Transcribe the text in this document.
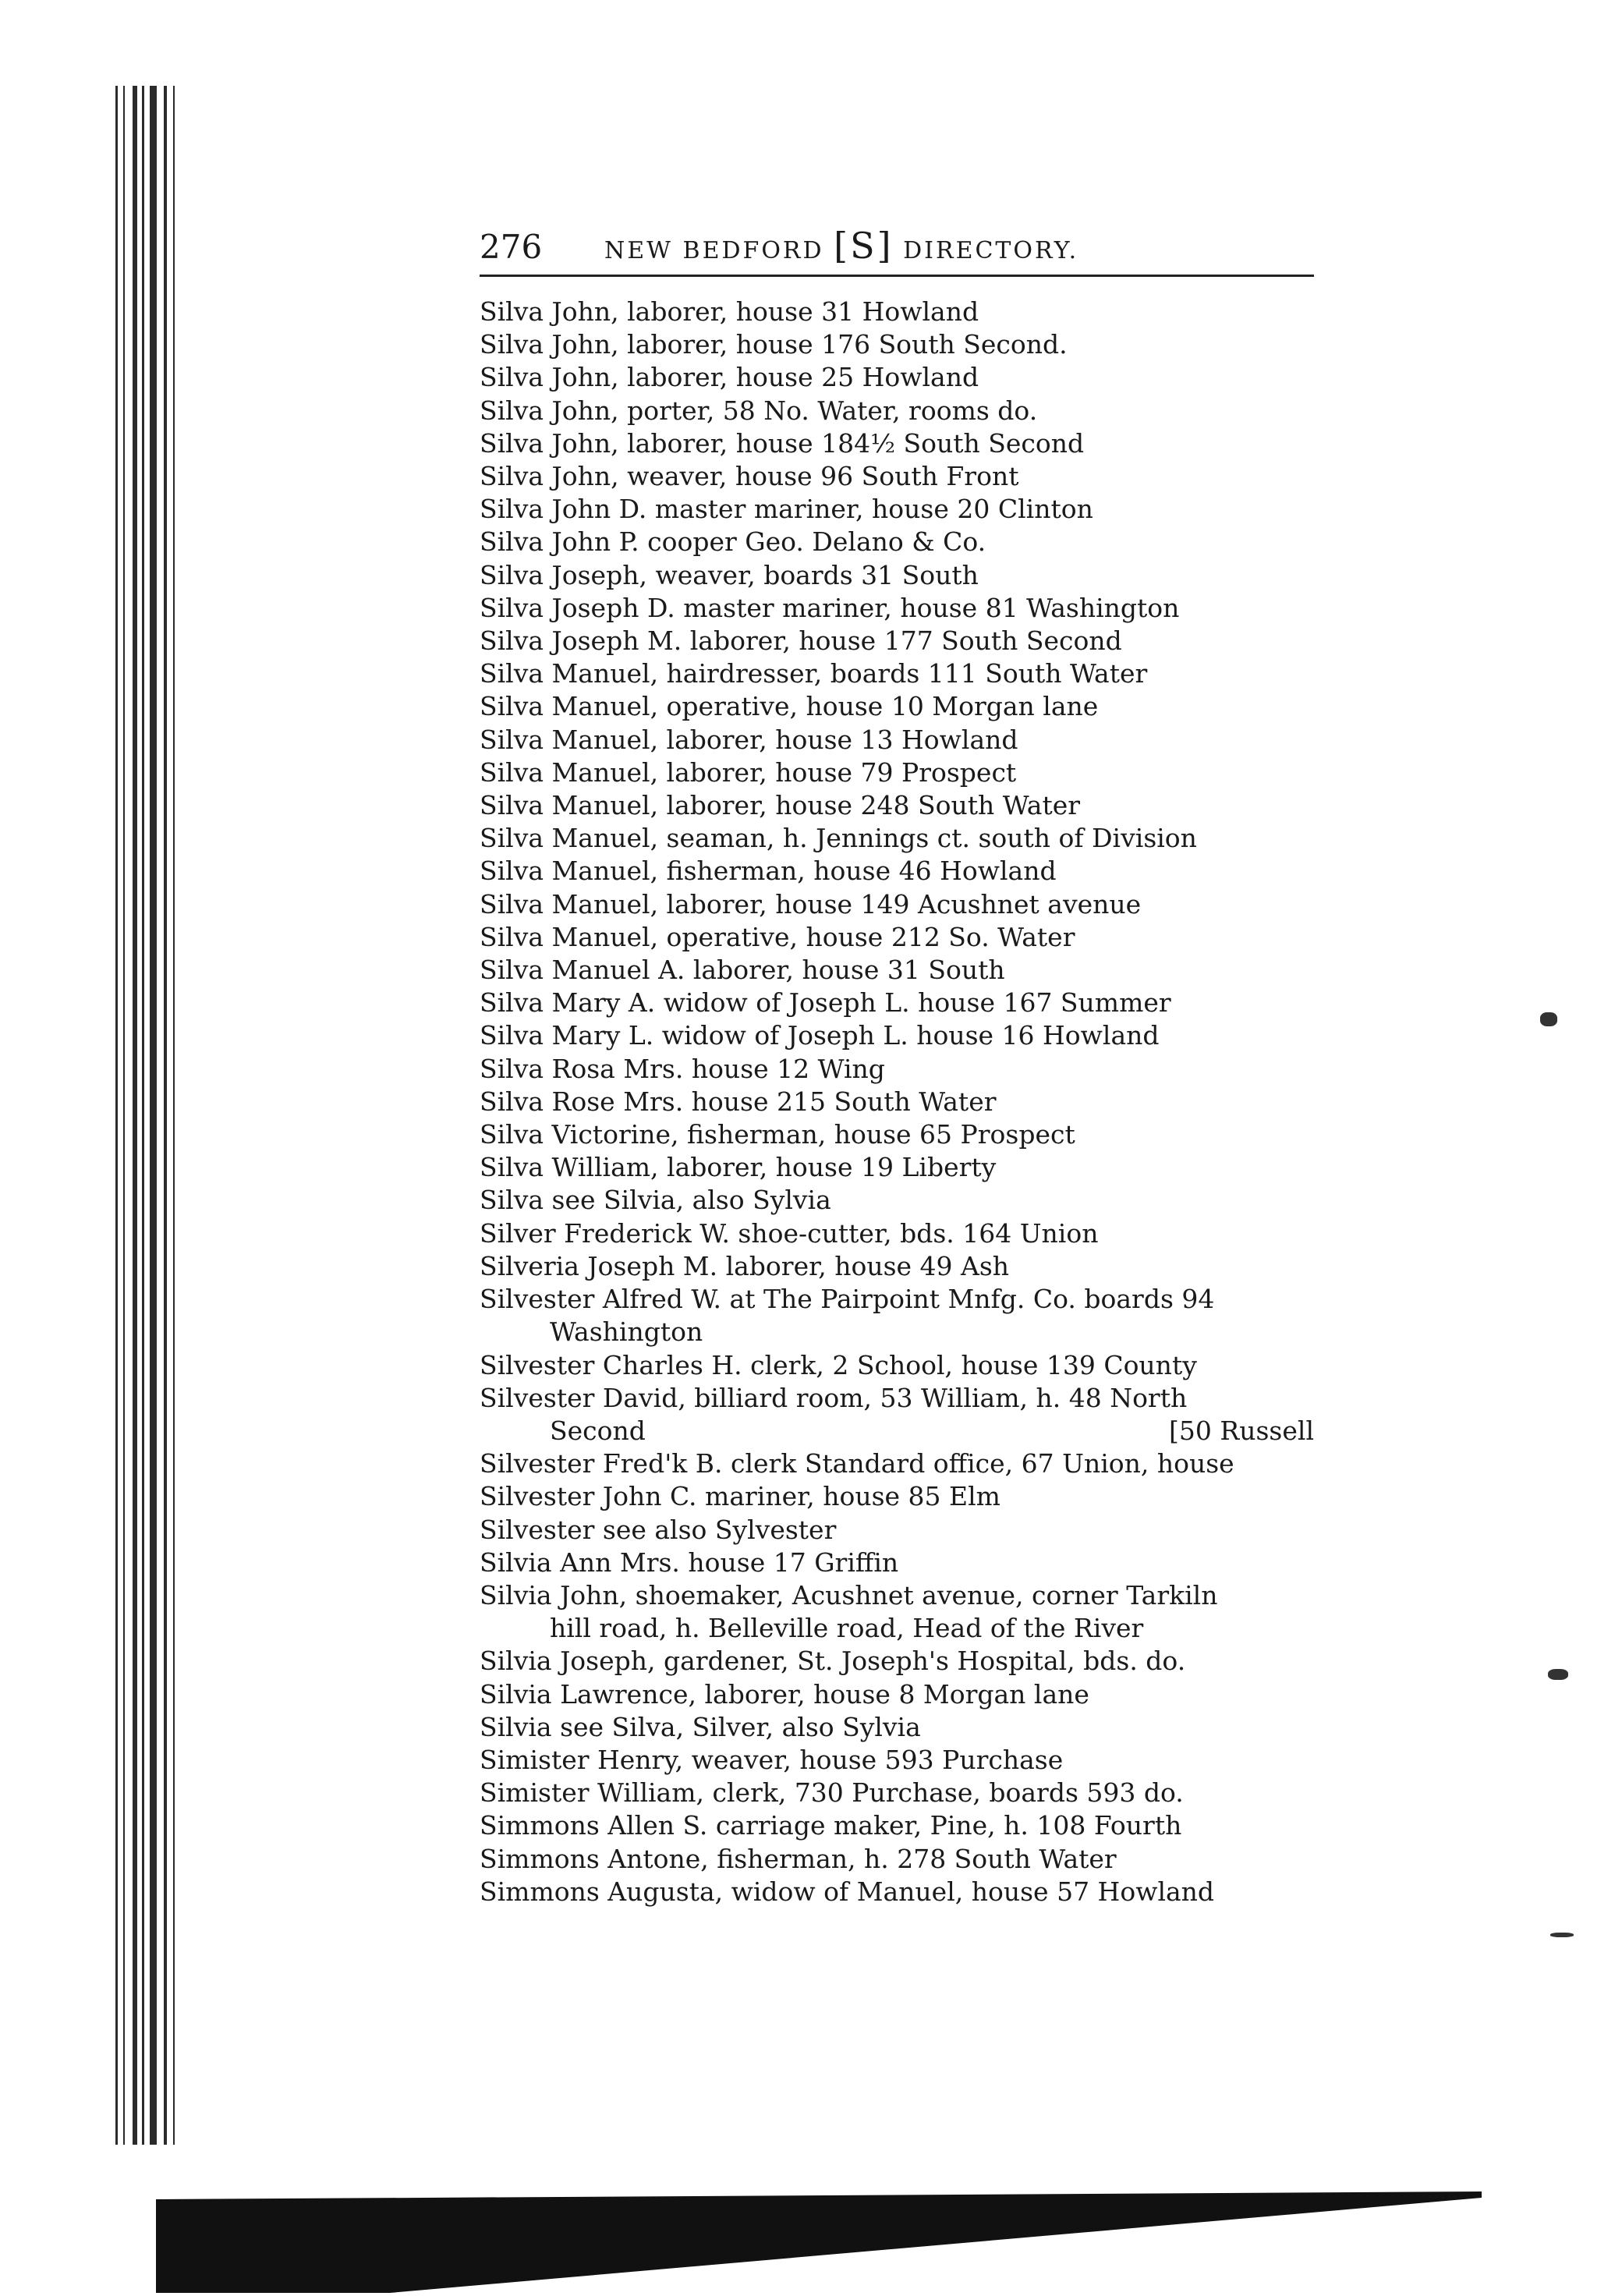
276	NEW BEDFORD [S] DIRECTORY.
Silva John, laborer, house 31 Howland
Silva John, laborer, house 176 South Second.
Silva John, laborer, house 25 Howland
Silva John, porter, 58 No. Water, rooms do.
Silva John, laborer, house 184½ South Second
Silva John, weaver, house 96 South Front
Silva John D. master mariner, house 20 Clinton
Silva John P. cooper Geo. Delano & Co.
Silva Joseph, weaver, boards 31 South
Silva Joseph D. master mariner, house 81 Washington
Silva Joseph M. laborer, house 177 South Second
Silva Manuel, hairdresser, boards 111 South Water
Silva Manuel, operative, house 10 Morgan lane
Silva Manuel, laborer, house 13 Howland
Silva Manuel, laborer, house 79 Prospect
Silva Manuel, laborer, house 248 South Water
Silva Manuel, seaman, h. Jennings ct. south of Division
Silva Manuel, fisherman, house 46 Howland
Silva Manuel, laborer, house 149 Acushnet avenue
Silva Manuel, operative, house 212 So. Water
Silva Manuel A. laborer, house 31 South
Silva Mary A. widow of Joseph L. house 167 Summer
Silva Mary L. widow of Joseph L. house 16 Howland
Silva Rosa Mrs. house 12 Wing
Silva Rose Mrs. house 215 South Water
Silva Victorine, fisherman, house 65 Prospect
Silva William, laborer, house 19 Liberty
Silva see Silvia, also Sylvia
Silver Frederick W. shoe-cutter, bds. 164 Union
Silveria Joseph M. laborer, house 49 Ash
Silvester Alfred W. at The Pairpoint Mnfg. Co. boards 94
Washington
Silvester Charles H. clerk, 2 School, house 139 County
Silvester David, billiard room, 53 William, h. 48 North
Second	[50 Russell
Silvester Fred'k B. clerk Standard office, 67 Union, house
Silvester John C. mariner, house 85 Elm
Silvester see also Sylvester
Silvia Ann Mrs. house 17 Griffin
Silvia John, shoemaker, Acushnet avenue, corner Tarkiln
hill road, h. Belleville road, Head of the River
Silvia Joseph, gardener, St. Joseph's Hospital, bds. do.
Silvia Lawrence, laborer, house 8 Morgan lane
Silvia see Silva, Silver, also Sylvia
Simister Henry, weaver, house 593 Purchase
Simister William, clerk, 730 Purchase, boards 593 do.
Simmons Allen S. carriage maker, Pine, h. 108 Fourth
Simmons Antone, fisherman, h. 278 South Water
Simmons Augusta, widow of Manuel, house 57 Howland
